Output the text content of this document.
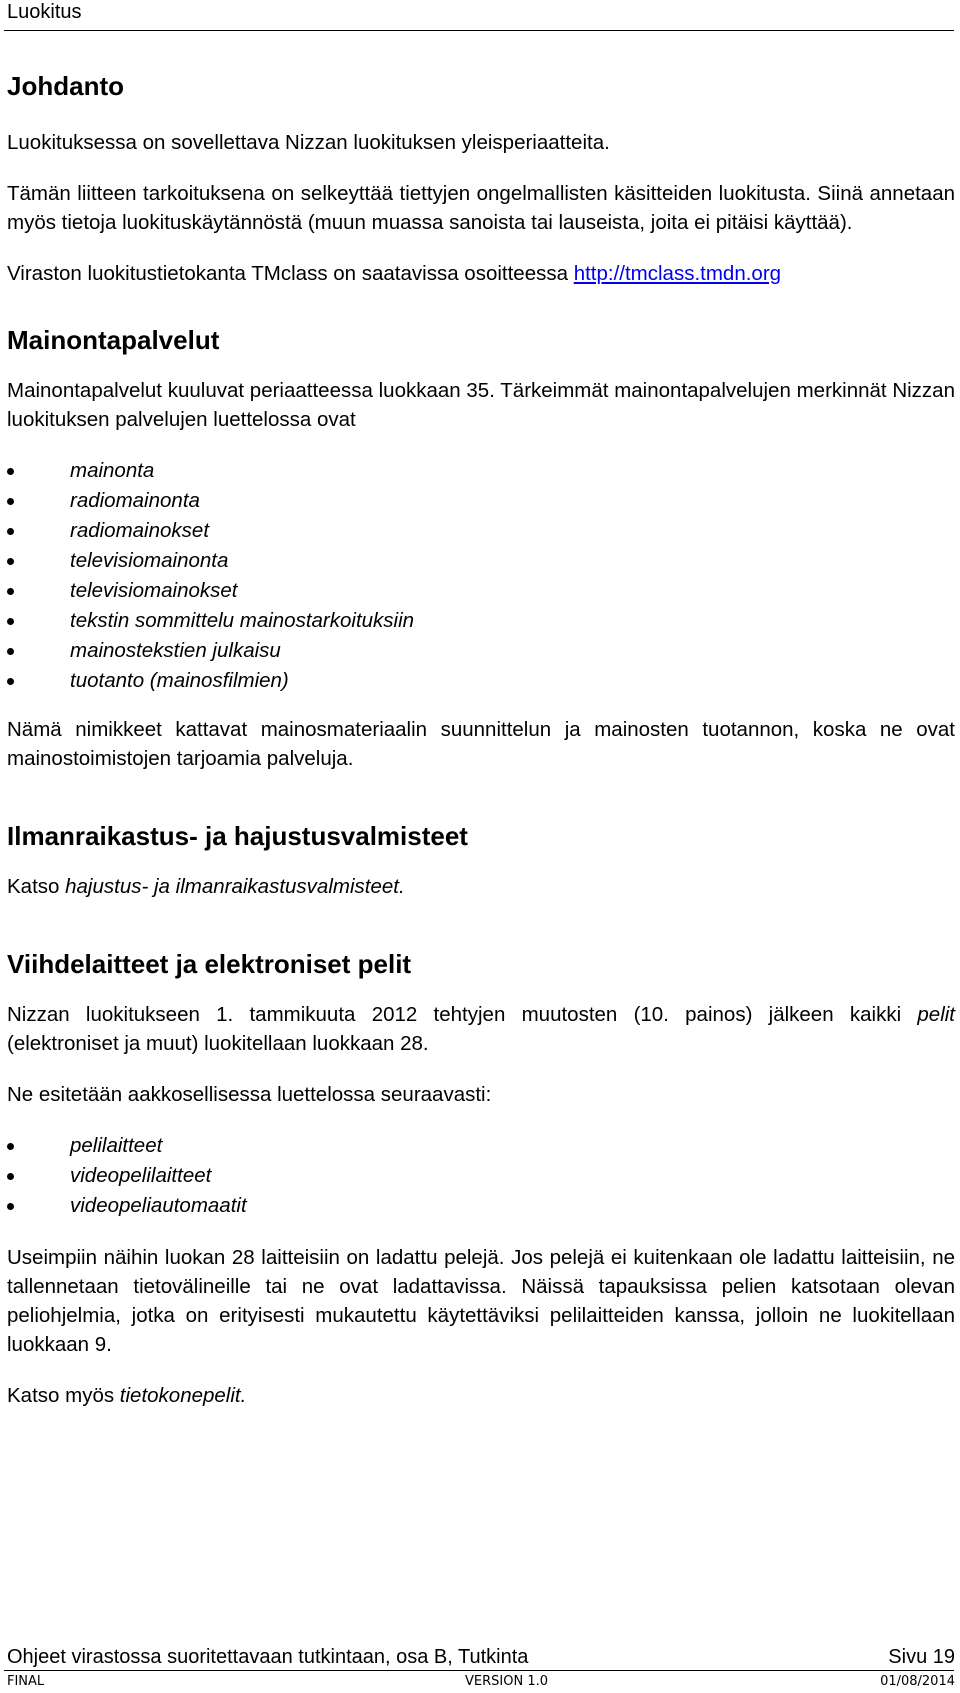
Luokitus
Johdanto

Luokituksessa on sovellettava Nizzan luokituksen yleisperiaatteita.

Tämän liitteen tarkoituksena on selkeyttää tiettyjen ongelmallisten käsitteiden luokitusta. Siinä annetaan myös tietoja luokituskäytännöstä (muun muassa sanoista tai lauseista, joita ei pitäisi käyttää).

Viraston luokitustietokanta TMclass on saatavissa osoitteessa http://tmclass.tmdn.org

Mainontapalvelut

Mainontapalvelut kuuluvat periaatteessa luokkaan 35. Tärkeimmät mainontapalvelujen merkinnät Nizzan luokituksen palvelujen luettelossa ovat

mainonta
radiomainonta
radiomainokset
televisiomainonta
televisiomainokset
tekstin sommittelu mainostarkoituksiin
mainostekstien julkaisu
tuotanto (mainosfilmien)

Nämä nimikkeet kattavat mainosmateriaalin suunnittelun ja mainosten tuotannon, koska ne ovat mainostoimistojen tarjoamia palveluja.

Ilmanraikastus- ja hajustusvalmisteet

Katso hajustus- ja ilmanraikastusvalmisteet.

Viihdelaitteet ja elektroniset pelit

Nizzan luokitukseen 1. tammikuuta 2012 tehtyjen muutosten (10. painos) jälkeen kaikki pelit (elektroniset ja muut) luokitellaan luokkaan 28.

Ne esitetään aakkosellisessa luettelossa seuraavasti:

pelilaitteet
videopelilaitteet
videopeliautomaatit

Useimpiin näihin luokan 28 laitteisiin on ladattu pelejä. Jos pelejä ei kuitenkaan ole ladattu laitteisiin, ne tallennetaan tietovälineille tai ne ovat ladattavissa. Näissä tapauksissa pelien katsotaan olevan peliohjelmia, jotka on erityisesti mukautettu käytettäviksi pelilaitteiden kanssa, jolloin ne luokitellaan luokkaan 9.

Katso myös tietokonepelit.

Ohjeet virastossa suoritettavaan tutkintaan, osa B, Tutkinta	Sivu 19
FINAL	VERSION 1.0	01/08/2014
